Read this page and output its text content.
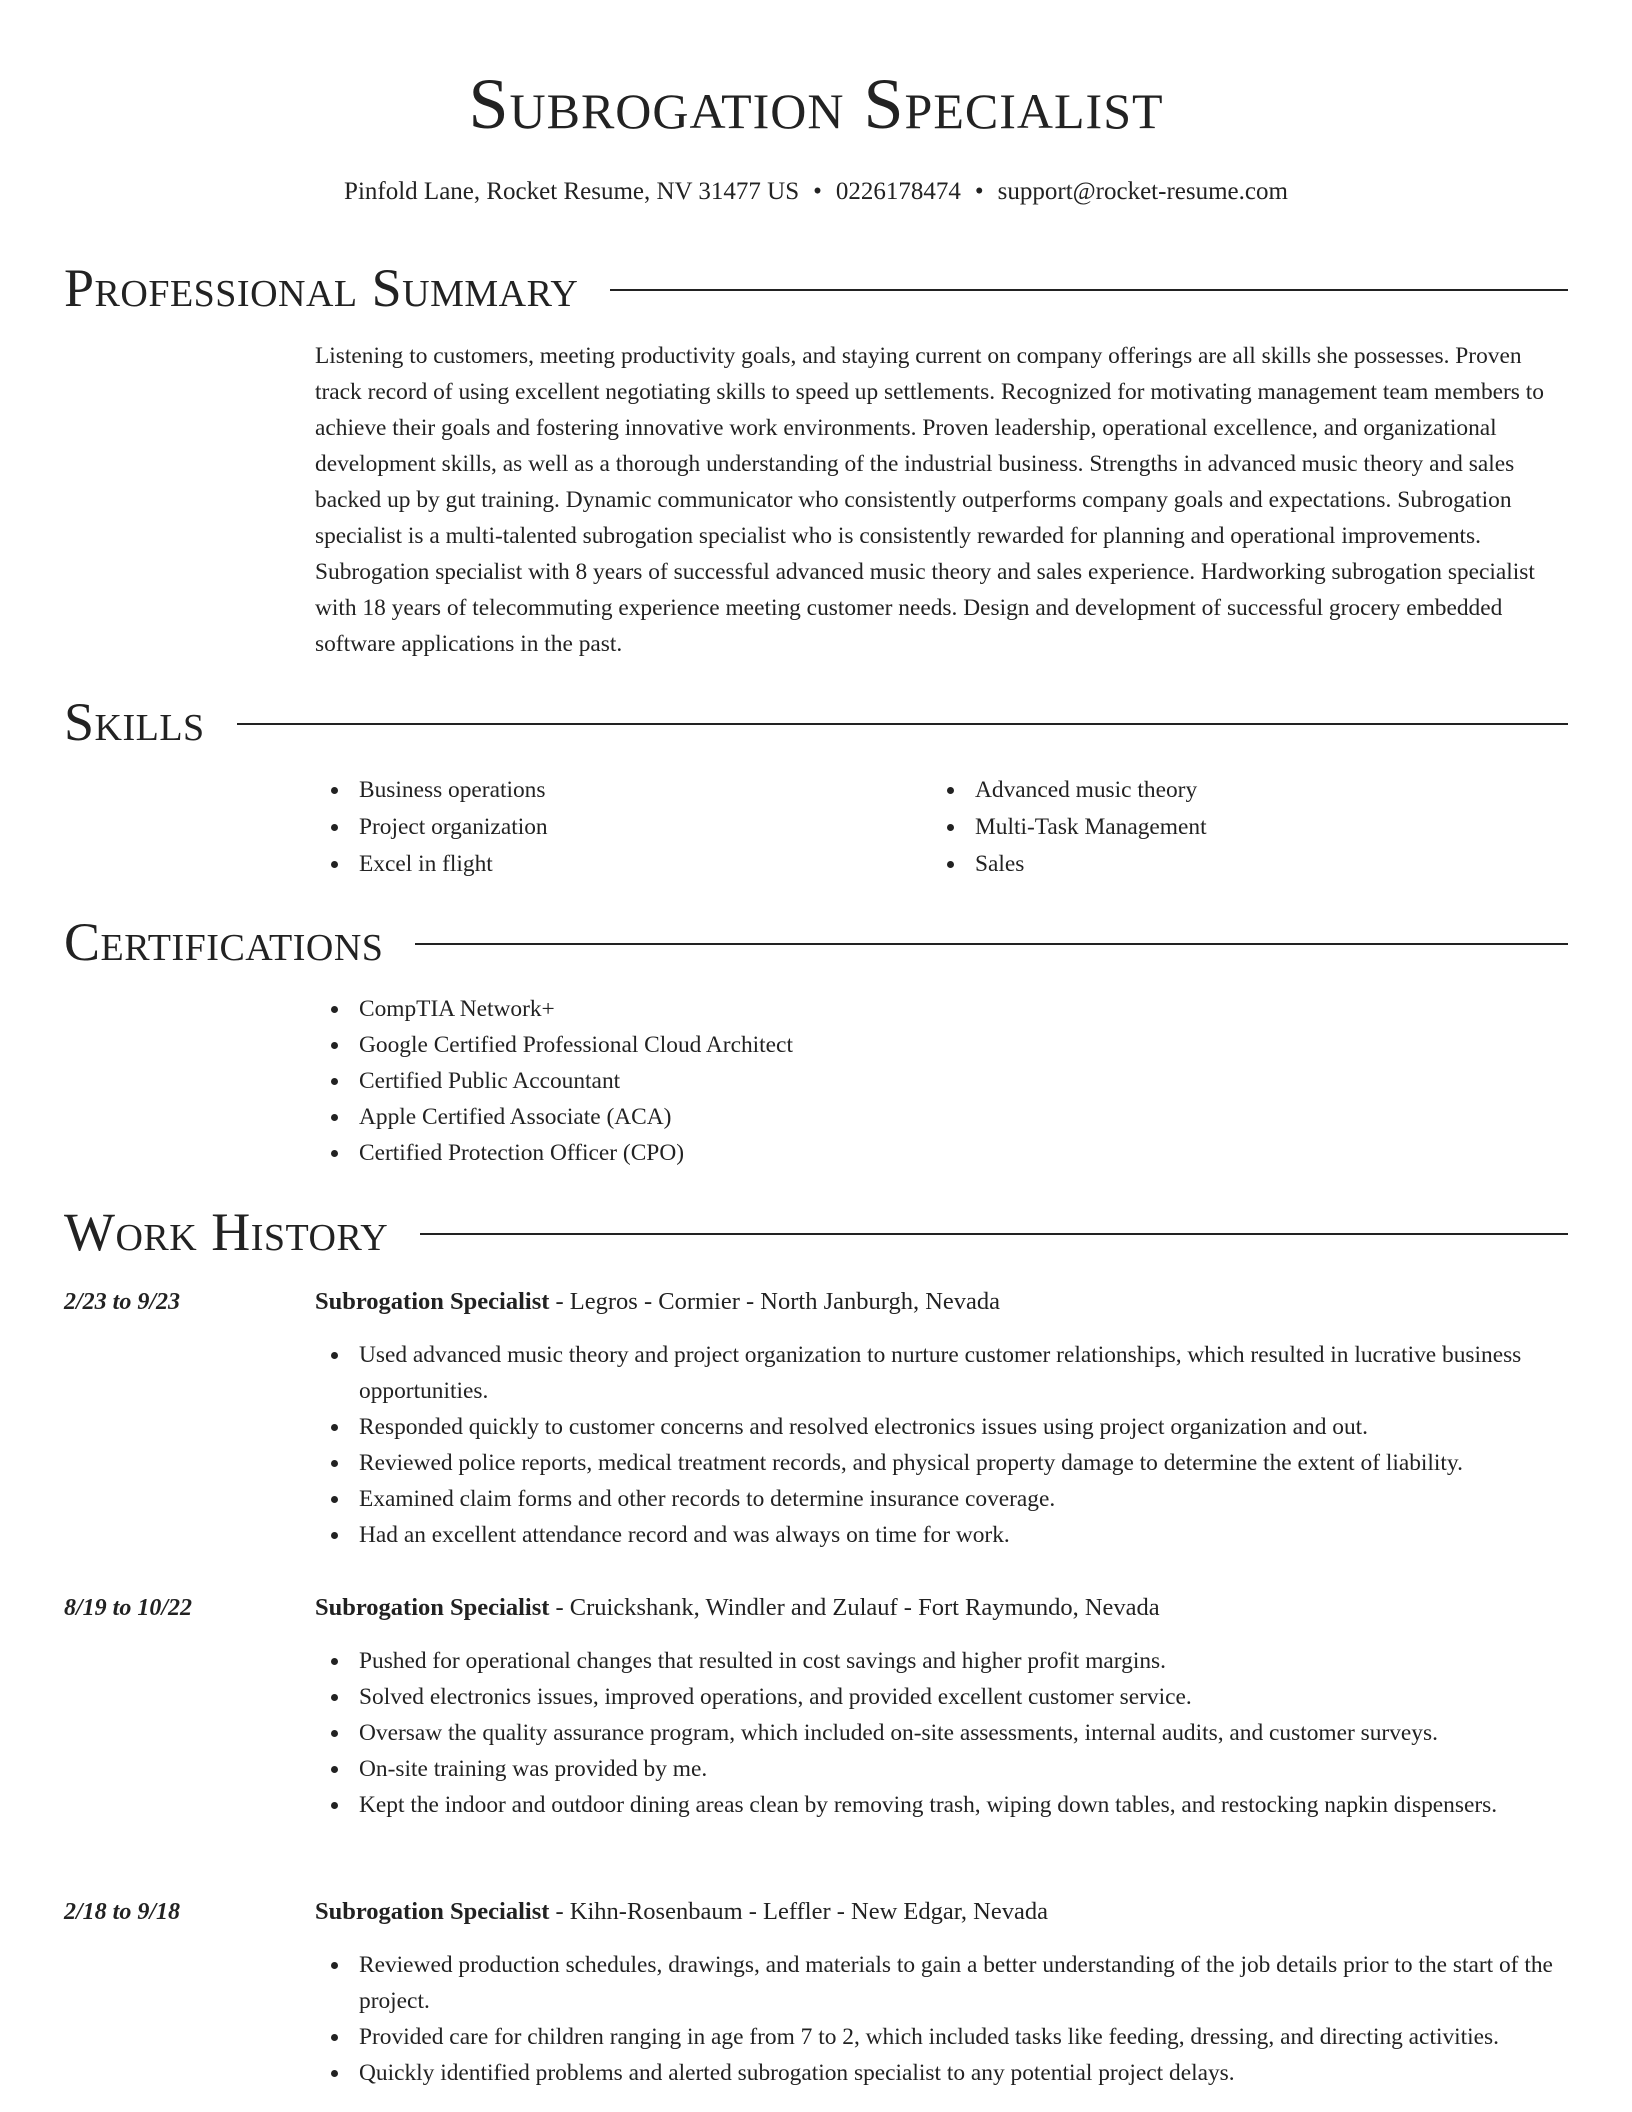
Subrogation Specialist
Pinfold Lane, Rocket Resume, NV 31477 US • 0226178474 • support@rocket-resume.com
Professional Summary
Listening to customers, meeting productivity goals, and staying current on company offerings are all skills she possesses. Proven track record of using excellent negotiating skills to speed up settlements. Recognized for motivating management team members to achieve their goals and fostering innovative work environments. Proven leadership, operational excellence, and organizational development skills, as well as a thorough understanding of the industrial business. Strengths in advanced music theory and sales backed up by gut training. Dynamic communicator who consistently outperforms company goals and expectations. Subrogation specialist is a multi-talented subrogation specialist who is consistently rewarded for planning and operational improvements. Subrogation specialist with 8 years of successful advanced music theory and sales experience. Hardworking subrogation specialist with 18 years of telecommuting experience meeting customer needs. Design and development of successful grocery embedded software applications in the past.
Skills
Business operations
Project organization
Excel in flight
Advanced music theory
Multi-Task Management
Sales
Certifications
CompTIA Network+
Google Certified Professional Cloud Architect
Certified Public Accountant
Apple Certified Associate (ACA)
Certified Protection Officer (CPO)
Work History
2/23 to 9/23	Subrogation Specialist - Legros - Cormier - North Janburgh, Nevada
Used advanced music theory and project organization to nurture customer relationships, which resulted in lucrative business opportunities.
Responded quickly to customer concerns and resolved electronics issues using project organization and out.
Reviewed police reports, medical treatment records, and physical property damage to determine the extent of liability.
Examined claim forms and other records to determine insurance coverage.
Had an excellent attendance record and was always on time for work.
8/19 to 10/22	Subrogation Specialist - Cruickshank, Windler and Zulauf - Fort Raymundo, Nevada
Pushed for operational changes that resulted in cost savings and higher profit margins.
Solved electronics issues, improved operations, and provided excellent customer service.
Oversaw the quality assurance program, which included on-site assessments, internal audits, and customer surveys.
On-site training was provided by me.
Kept the indoor and outdoor dining areas clean by removing trash, wiping down tables, and restocking napkin dispensers.
2/18 to 9/18	Subrogation Specialist - Kihn-Rosenbaum - Leffler - New Edgar, Nevada
Reviewed production schedules, drawings, and materials to gain a better understanding of the job details prior to the start of the project.
Provided care for children ranging in age from 7 to 2, which included tasks like feeding, dressing, and directing activities.
Quickly identified problems and alerted subrogation specialist to any potential project delays.
